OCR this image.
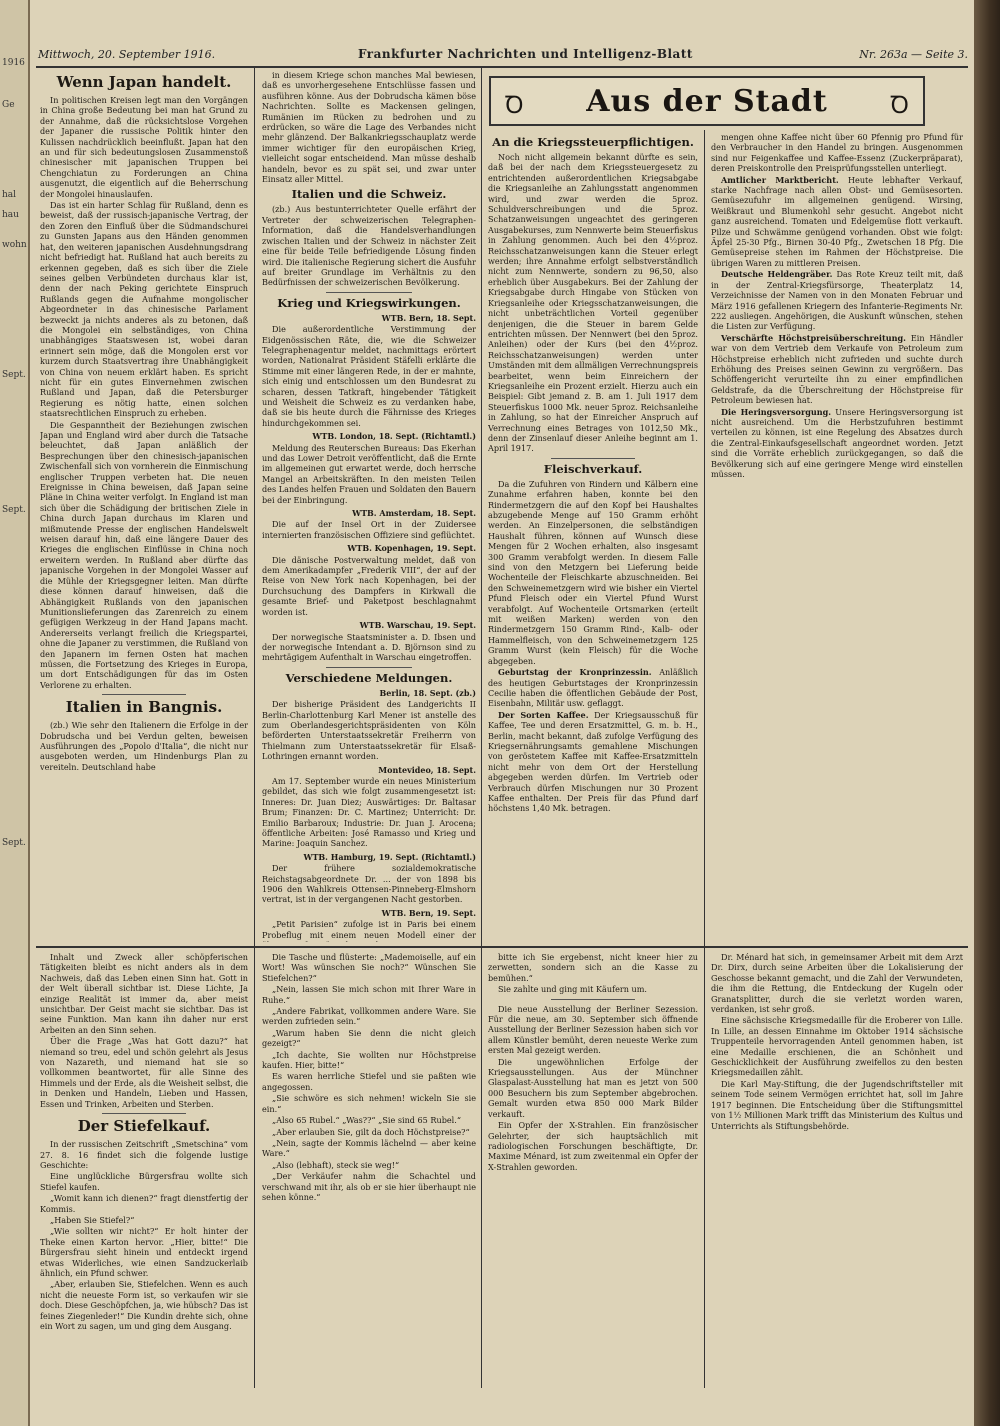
1916
Ge
hal
hau
wohn
Sept.
Sept.
Sept.
Mittwoch, 20. September 1916.	Frankfurter Nachrichten und Intelligenz-Blatt	Nr. 263a — Seite 3.
Wenn Japan handelt.

In politischen Kreisen legt man den Vorgängen in China große Bedeutung bei man hat Grund zu der Annahme, daß die rücksichtslose Vorgehen der Japaner die russische Politik hinter den Kulissen nachdrücklich beeinflußt. Japan hat den an und für sich bedeutungslosen Zusammenstoß chinesischer mit japanischen Truppen bei Chengchiatun zu Forderungen an China ausgenutzt, die eigentlich auf die Beherrschung der Mongolei hinauslaufen.

Das ist ein harter Schlag für Rußland, denn es beweist, daß der russisch-japanische Vertrag, der den Zoren den Einfluß über die Südmandschurei zu Gunsten Japans aus den Händen genommen hat, den weiteren japanischen Ausdehnungsdrang nicht befriedigt hat. Rußland hat auch bereits zu erkennen gegeben, daß es sich über die Ziele seines gelben Verbündeten durchaus klar ist, denn der nach Peking gerichtete Einspruch Rußlands gegen die Aufnahme mongolischer Abgeordneter in das chinesische Parlament bezweckt ja nichts anderes als zu betonen, daß die Mongolei ein selbständiges, von China unabhängiges Staatswesen ist, wobei daran erinnert sein möge, daß die Mongolen erst vor kurzem durch Staatsvertrag ihre Unabhängigkeit von China von neuem erklärt haben. Es spricht nicht für ein gutes Einvernehmen zwischen Rußland und Japan, daß die Petersburger Regierung es nötig hatte, einen solchen staatsrechtlichen Einspruch zu erheben.

Die Gespanntheit der Beziehungen zwischen Japan und England wird aber durch die Tatsache beleuchtet, daß Japan anläßlich der Besprechungen über den chinesisch-japanischen Zwischenfall sich von vornherein die Einmischung englischer Truppen verbeten hat. Die neuen Ereignisse in China beweisen, daß Japan seine Pläne in China weiter verfolgt. In England ist man sich über die Schädigung der britischen Ziele in China durch Japan durchaus im Klaren und mißmutende Presse der englischen Handelswelt weisen darauf hin, daß eine längere Dauer des Krieges die englischen Einflüsse in China noch erweitern werden. In Rußland aber dürfte das japanische Vorgehen in der Mongolei Wasser auf die Mühle der Kriegsgegner leiten. Man dürfte diese können darauf hinweisen, daß die Abhängigkeit Rußlands von den japanischen Munitionslieferungen das Zarenreich zu einem gefügigen Werkzeug in der Hand Japans macht. Andererseits verlangt freilich die Kriegspartei, ohne die Japaner zu verstimmen, die Rußland von den Japanern im fernen Osten hat machen müssen, die Fortsetzung des Krieges in Europa, um dort Entschädigungen für das im Osten Verlorene zu erhalten.

Italien in Bangnis.

(zb.) Wie sehr den Italienern die Erfolge in der Dobrudscha und bei Verdun gelten, beweisen Ausführungen des „Popolo d'Italia“, die nicht nur ausgeboten werden, um Hindenburgs Plan zu vereiteln. Deutschland habe

in diesem Kriege schon manches Mal bewiesen, daß es unvorhergesehene Entschlüsse fassen und ausführen könne. Aus der Dobrudscha kämen böse Nachrichten. Sollte es Mackensen gelingen, Rumänien im Rücken zu bedrohen und zu erdrücken, so wäre die Lage des Verbandes nicht mehr glänzend. Der Balkankriegsschauplatz werde immer wichtiger für den europäischen Krieg, vielleicht sogar entscheidend. Man müsse deshalb handeln, bevor es zu spät sei, und zwar unter Einsatz aller Mittel.

Italien und die Schweiz.

(zb.) Aus bestunterrichteter Quelle erfährt der Vertreter der schweizerischen Telegraphen-Information, daß die Handelsverhandlungen zwischen Italien und der Schweiz in nächster Zeit eine für beide Teile befriedigende Lösung finden wird. Die italienische Regierung sichert die Ausfuhr auf breiter Grundlage im Verhältnis zu den Bedürfnissen der schweizerischen Bevölkerung.

Krieg und Kriegswirkungen.
WTB. Bern, 18. Sept.

Die außerordentliche Verstimmung der Eidgenössischen Räte, die, wie die Schweizer Telegraphenagentur meldet, nachmittags erörtert worden, Nationalrat Präsident Stäfelli erklärte die Stimme mit einer längeren Rede, in der er mahnte, sich einig und entschlossen um den Bundesrat zu scharen, dessen Tatkraft, hingebender Tätigkeit und Weisheit die Schweiz es zu verdanken habe, daß sie bis heute durch die Fährnisse des Krieges hindurchgekommen sei.

WTB. London, 18. Sept. (Richtamtl.)

Meldung des Reuterschen Bureaus: Das Ekerhan und das Lower Detroit veröffentlicht, daß die Ernte im allgemeinen gut erwartet werde, doch herrsche Mangel an Arbeitskräften. In den meisten Teilen des Landes helfen Frauen und Soldaten den Bauern bei der Einbringung.

WTB. Amsterdam, 18. Sept.

Die auf der Insel Ort in der Zuidersee internierten französischen Offiziere sind geflüchtet.

WTB. Kopenhagen, 19. Sept.

Die dänische Postverwaltung meldet, daß von dem Amerikadampfer „Frederik VIII“, der auf der Reise von New York nach Kopenhagen, bei der Durchsuchung des Dampfers in Kirkwall die gesamte Brief- und Paketpost beschlagnahmt worden ist.

WTB. Warschau, 19. Sept.

Der norwegische Staatsminister a. D. Ibsen und der norwegische Intendant a. D. Björnson sind zu mehrtägigem Aufenthalt in Warschau eingetroffen.

Verschiedene Meldungen.
Berlin, 18. Sept. (zb.)

Der bisherige Präsident des Landgerichts II Berlin-Charlottenburg Karl Mener ist anstelle des zum Oberlandesgerichtspräsidenten von Köln beförderten Unterstaatssekretär Freiherrn von Thielmann zum Unterstaatssekretär für Elsaß-Lothringen ernannt worden.

Montevideo, 18. Sept.

Am 17. September wurde ein neues Ministerium gebildet, das sich wie folgt zusammengesetzt ist: Inneres: Dr. Juan Diez; Auswärtiges: Dr. Baltasar Brum; Finanzen: Dr. C. Martinez; Unterricht: Dr. Emilio Barbaroux; Industrie: Dr. Juan J. Arocena; öffentliche Arbeiten: José Ramasso und Krieg und Marine: Joaquin Sanchez.

WTB. Hamburg, 19. Sept. (Richtamtl.)

Der frühere sozialdemokratische Reichstagsabgeordnete Dr. ... der von 1898 bis 1906 den Wahlkreis Ottensen-Pinneberg-Elmshorn vertrat, ist in der vergangenen Nacht gestorben.

WTB. Bern, 19. Sept.

„Petit Parisien“ zufolge ist in Paris bei einem Probeflug mit einem neuen Modell einer der

Ꝺ	Aus der Stadt	Ꝺ
An die Kriegssteuerpflichtigen.

Noch nicht allgemein bekannt dürfte es sein, daß bei der nach dem Kriegssteuergesetz zu entrichtenden außerordentlichen Kriegsabgabe die Kriegsanleihe an Zahlungsstatt angenommen wird, und zwar werden die 5proz. Schuldverschreibungen und die 5proz. Schatzanweisungen ungeachtet des geringeren Ausgabekurses, zum Nennwerte beim Steuerfiskus in Zahlung genommen. Auch bei den 4½proz. Reichsschatzanweisungen kann die Steuer erlegt werden; ihre Annahme erfolgt selbstverständlich nicht zum Nennwerte, sondern zu 96,50, also erheblich über Ausgabekurs. Bei der Zahlung der Kriegsabgabe durch Hingabe von Stücken von Kriegsanleihe oder Kriegsschatzanweisungen, die nicht unbeträchtlichen Vorteil gegenüber denjenigen, die die Steuer in barem Gelde entrichten müssen. Der Nennwert (bei den 5proz. Anleihen) oder der Kurs (bei den 4½proz. Reichsschatzanweisungen) werden unter Umständen mit dem allmäligen Verrechnungspreis bearbeitet, wenn beim Einreichern der Kriegsanleihe ein Prozent erzielt. Hierzu auch ein Beispiel: Gibt jemand z. B. am 1. Juli 1917 dem Steuerfiskus 1000 Mk. neuer 5proz. Reichsanleihe in Zahlung, so hat der Einreicher Anspruch auf Verrechnung eines Betrages von 1012,50 Mk., denn der Zinsenlauf dieser Anleihe beginnt am 1. April 1917.

Fleischverkauf.

Da die Zufuhren von Rindern und Kälbern eine Zunahme erfahren haben, konnte bei den Rindermetzgern die auf den Kopf bei Haushaltes abzugebende Menge auf 150 Gramm erhöht werden. An Einzelpersonen, die selbständigen Haushalt führen, können auf Wunsch diese Mengen für 2 Wochen erhalten, also insgesamt 300 Gramm verabfolgt werden. In diesem Falle sind von den Metzgern bei Lieferung beide Wochenteile der Fleischkarte abzuschneiden. Bei den Schweinemetzgern wird wie bisher ein Viertel Pfund Fleisch oder ein Viertel Pfund Wurst verabfolgt. Auf Wochenteile Ortsmarken (erteilt mit weißen Marken) werden von den Rindermetzgern 150 Gramm Rind-, Kalb- oder Hammelfleisch, von den Schweinemetzgern 125 Gramm Wurst (kein Fleisch) für die Woche abgegeben.

Geburtstag der Kronprinzessin. Anläßlich des heutigen Geburtstages der Kronprinzessin Cecilie haben die öffentlichen Gebäude der Post, Eisenbahn, Militär usw. geflaggt.

Der Sorten Kaffee. Der Kriegsausschuß für Kaffee, Tee und deren Ersatzmittel, G. m. b. H., Berlin, macht bekannt, daß zufolge Verfügung des Kriegsernährungsamts gemahlene Mischungen von geröstetem Kaffee mit Kaffee-Ersatzmitteln nicht mehr von dem Ort der Herstellung abgegeben werden dürfen. Im Vertrieb oder Verbrauch dürfen Mischungen nur 30 Prozent Kaffee enthalten. Der Preis für das Pfund darf höchstens 1,40 Mk. betragen.

mengen ohne Kaffee nicht über 60 Pfennig pro Pfund für den Verbraucher in den Handel zu bringen. Ausgenommen sind nur Feigenkaffee und Kaffee-Essenz (Zuckerpräparat), deren Preiskontrolle den Preisprüfungsstellen unterliegt.

Amtlicher Marktbericht. Heute lebhafter Verkauf, starke Nachfrage nach allen Obst- und Gemüsesorten. Gemüsezufuhr im allgemeinen genügend. Wirsing, Weißkraut und Blumenkohl sehr gesucht. Angebot nicht ganz ausreichend. Tomaten und Edelgemüse flott verkauft. Pilze und Schwämme genügend vorhanden. Obst wie folgt: Äpfel 25-30 Pfg., Birnen 30-40 Pfg., Zwetschen 18 Pfg. Die Gemüsepreise stehen im Rahmen der Höchstpreise. Die übrigen Waren zu mittleren Preisen.

Deutsche Heldengräber. Das Rote Kreuz teilt mit, daß in der Zentral-Kriegsfürsorge, Theaterplatz 14, Verzeichnisse der Namen von in den Monaten Februar und März 1916 gefallenen Kriegern des Infanterie-Regiments Nr. 222 ausliegen. Angehörigen, die Auskunft wünschen, stehen die Listen zur Verfügung.

Verschärfte Höchstpreisüberschreitung. Ein Händler war von dem Vertrieb dem Verkaufe von Petroleum zum Höchstpreise erheblich nicht zufrieden und suchte durch Erhöhung des Preises seinen Gewinn zu vergrößern. Das Schöffengericht verurteilte ihn zu einer empfindlichen Geldstrafe, da die Überschreitung der Höchstpreise für Petroleum bewiesen hat.

Die Heringsversorgung. Unsere Heringsversorgung ist nicht ausreichend. Um die Herbstzufuhren bestimmt verteilen zu können, ist eine Regelung des Absatzes durch die Zentral-Einkaufsgesellschaft angeordnet worden. Jetzt sind die Vorräte erheblich zurückgegangen, so daß die Bevölkerung sich auf eine geringere Menge wird einstellen müssen.

Inhalt und Zweck aller schöpferischen Tätigkeiten bleibt es nicht anders als in dem Nachweis, daß das Leben einen Sinn hat. Gott in der Welt überall sichtbar ist. Diese Lichte, Ja einzige Realität ist immer da, aber meist unsichtbar. Der Geist macht sie sichtbar. Das ist seine Funktion. Man kann ihn daher nur erst Arbeiten an den Sinn sehen.

Über die Frage „Was hat Gott dazu?“ hat niemand so treu, edel und schön gelehrt als Jesus von Nazareth, und niemand hat sie so vollkommen beantwortet, für alle Sinne des Himmels und der Erde, als die Weisheit selbst, die in Denken und Handeln, Lieben und Hassen, Essen und Trinken, Arbeiten und Sterben.

Der Stiefelkauf.

In der russischen Zeitschrift „Smetschina“ vom 27. 8. 16 findet sich die folgende lustige Geschichte:

Eine unglückliche Bürgersfrau wollte sich Stiefel kaufen.

„Womit kann ich dienen?“ fragt dienstfertig der Kommis.

„Haben Sie Stiefel?“

„Wie sollten wir nicht?“ Er holt hinter der Theke einen Karton hervor. „Hier, bitte!“ Die Bürgersfrau sieht hinein und entdeckt irgend etwas Widerliches, wie einen Sandzuckerlaib ähnlich, ein Pfund schwer.

„Aber, erlauben Sie, Stiefelchen. Wenn es auch nicht die neueste Form ist, so verkaufen wir sie doch. Diese Geschöpfchen, ja, wie hübsch? Das ist feines Ziegenleder!“ Die Kundin drehte sich, ohne ein Wort zu sagen, um und ging dem Ausgang.

Die Tasche und flüsterte: „Mademoiselle, auf ein Wort! Was wünschen Sie noch?“ Wünschen Sie Stiefelchen?“

„Nein, lassen Sie mich schon mit Ihrer Ware in Ruhe.“

„Andere Fabrikat, vollkommen andere Ware. Sie werden zufrieden sein.“

„Warum haben Sie denn die nicht gleich gezeigt?“

„Ich dachte, Sie wollten nur Höchstpreise kaufen. Hier, bitte!“

Es waren herrliche Stiefel und sie paßten wie angegossen.

„Sie schwöre es sich nehmen! wickeln Sie sie ein.“

„Also 65 Rubel.“ „Was??“ „Sie sind 65 Rubel.“

„Aber erlauben Sie, gilt da doch Höchstpreise?“

„Nein, sagte der Kommis lächelnd — aber keine Ware.“

„Also (lebhaft), steck sie weg!“

„Der Verkäufer nahm die Schachtel und verschwand mit ihr, als ob er sie hier überhaupt nie sehen könne.“

bitte ich Sie ergebenst, nicht kneer hier zu zerwetten, sondern sich an die Kasse zu bemühen.“

Sie zahlte und ging mit Käufern um.

Die neue Ausstellung der Berliner Sezession. Für die neue, am 30. September sich öffnende Ausstellung der Berliner Sezession haben sich vor allem Künstler bemüht, deren neueste Werke zum ersten Mal gezeigt werden.

Die ungewöhnlichen Erfolge der Kriegsausstellungen. Aus der Münchner Glaspalast-Ausstellung hat man es jetzt von 500 000 Besuchern bis zum September abgebrochen. Gemalt wurden etwa 850 000 Mark Bilder verkauft.

Ein Opfer der X-Strahlen. Ein französischer Gelehrter, der sich hauptsächlich mit radiologischen Forschungen beschäftigte, Dr. Maxime Ménard, ist zum zweitenmal ein Opfer der X-Strahlen geworden.

Dr. Ménard hat sich, in gemeinsamer Arbeit mit dem Arzt Dr. Dirx, durch seine Arbeiten über die Lokalisierung der Geschosse bekannt gemacht, und die Zahl der Verwundeten, die ihm die Rettung, die Entdeckung der Kugeln oder Granatsplitter, durch die sie verletzt worden waren, verdanken, ist sehr groß.

Eine sächsische Kriegsmedaille für die Eroberer von Lille. In Lille, an dessen Einnahme im Oktober 1914 sächsische Truppenteile hervorragenden Anteil genommen haben, ist eine Medaille erschienen, die an Schönheit und Geschicklichkeit der Ausführung zweifellos zu den besten Kriegsmedaillen zählt.

Die Karl May-Stiftung, die der Jugendschriftsteller mit seinem Tode seinem Vermögen errichtet hat, soll im Jahre 1917 beginnen. Die Entscheidung über die Stiftungsmittel von 1½ Millionen Mark trifft das Ministerium des Kultus und Unterrichts als Stiftungsbehörde.
